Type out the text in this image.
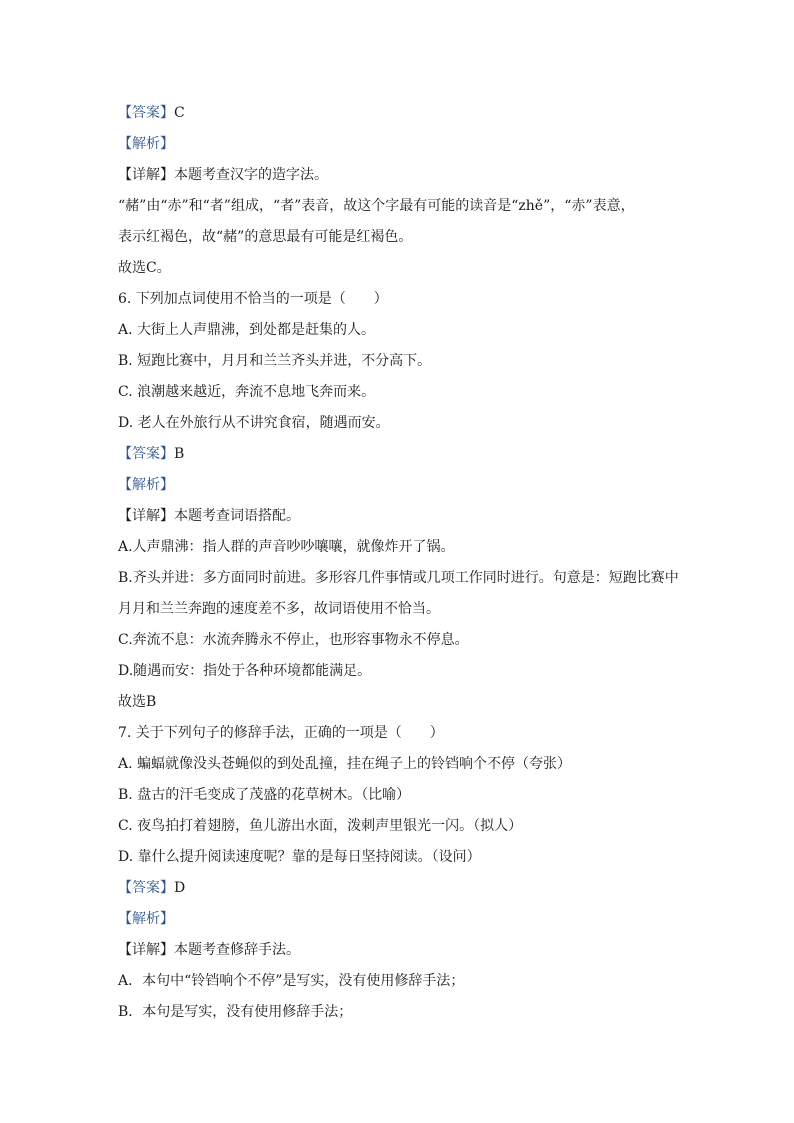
【答案】C
【解析】
【详解】本题考查汉字的造字法。
“赭”由“赤”和“者”组成，“者”表音，故这个字最有可能的读音是“zhě”，“赤”表意，
表示红褐色，故“赭”的意思最有可能是红褐色。
故选C。
6. 下列加点词使用不恰当的一项是（　　）
A. 大街上人声鼎沸，到处都是赶集的人。
B. 短跑比赛中，月月和兰兰齐头并进，不分高下。
C. 浪潮越来越近，奔流不息地飞奔而来。
D. 老人在外旅行从不讲究食宿，随遇而安。
【答案】B
【解析】
【详解】本题考查词语搭配。
A.人声鼎沸：指人群的声音吵吵嚷嚷，就像炸开了锅。
B.齐头并进：多方面同时前进。多形容几件事情或几项工作同时进行。句意是：短跑比赛中
月月和兰兰奔跑的速度差不多，故词语使用不恰当。
C.奔流不息：水流奔腾永不停止，也形容事物永不停息。
D.随遇而安：指处于各种环境都能满足。
故选B
7. 关于下列句子的修辞手法，正确的一项是（　　）
A. 蝙蝠就像没头苍蝇似的到处乱撞，挂在绳子上的铃铛响个不停（夸张）
B. 盘古的汗毛变成了茂盛的花草树木。（比喻）
C. 夜鸟拍打着翅膀，鱼儿游出水面，泼刺声里银光一闪。（拟人）
D. 靠什么提升阅读速度呢？靠的是每日坚持阅读。（设问）
【答案】D
【解析】
【详解】本题考查修辞手法。
A．本句中“铃铛响个不停”是写实，没有使用修辞手法；
B．本句是写实，没有使用修辞手法；
